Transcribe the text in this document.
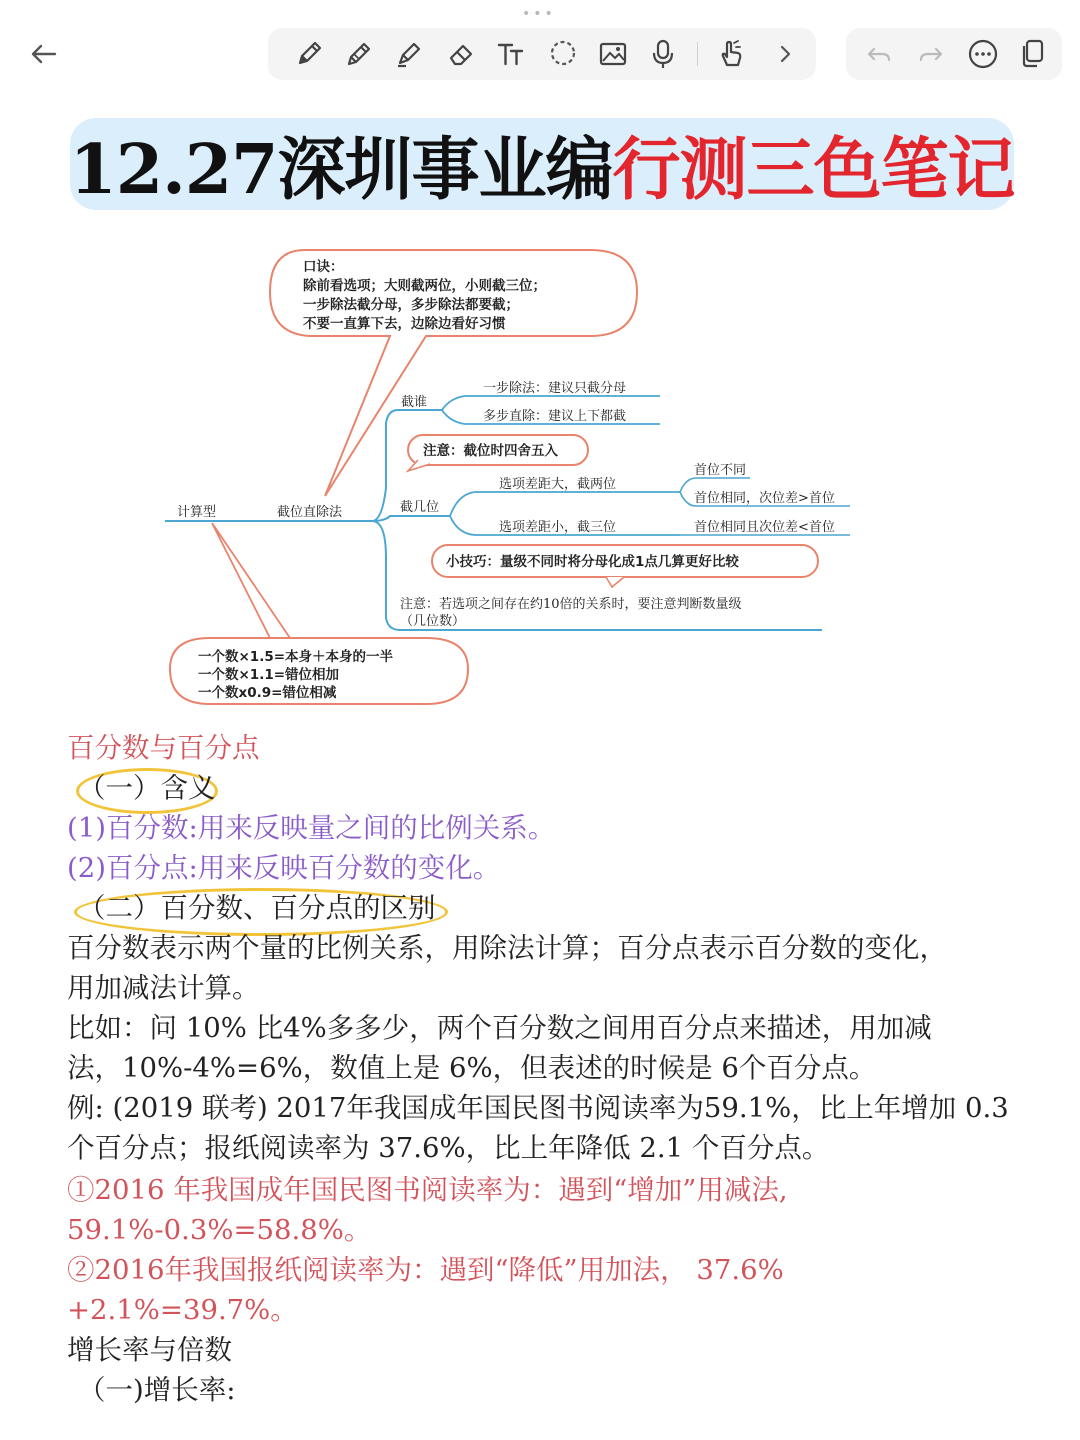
•••
12.27深圳事业编 行测三色笔记
口诀：
除前看选项；大则截两位，小则截三位；
一步除法截分母，多步除法都要截；
不要一直算下去，边除边看好习惯
计算型	截位直除法
截谁
一步除法：建议只截分母
多步直除：建议上下都截
注意：截位时四舍五入
截几位
选项差距大，截两位
选项差距小，截三位
首位不同
首位相同，次位差>首位
首位相同且次位差<首位
小技巧：量级不同时将分母化成1点几算更好比较
注意：若选项之间存在约10倍的关系时，要注意判断数量级
（几位数）
一个数×1.5=本身＋本身的一半
一个数×1.1=错位相加
一个数x0.9=错位相减
百分数与百分点
（一）含义
(1)百分数:用来反映量之间的比例关系。
(2)百分点:用来反映百分数的变化。
（二）百分数、百分点的区别
百分数表示两个量的比例关系，用除法计算；百分点表示百分数的变化，
用加减法计算。
比如：问 10% 比4%多多少，两个百分数之间用百分点来描述，用加减
法，10%-4%=6%，数值上是 6%，但表述的时候是 6个百分点。
例: (2019 联考) 2017年我国成年国民图书阅读率为59.1%，比上年增加 0.3
个百分点；报纸阅读率为 37.6%，比上年降低 2.1 个百分点。
①2016 年我国成年国民图书阅读率为：遇到“增加”用减法,
59.1%-0.3%=58.8%。
②2016年我国报纸阅读率为：遇到“降低”用加法， 37.6%
+2.1%=39.7%。
增长率与倍数
（一)增长率:
